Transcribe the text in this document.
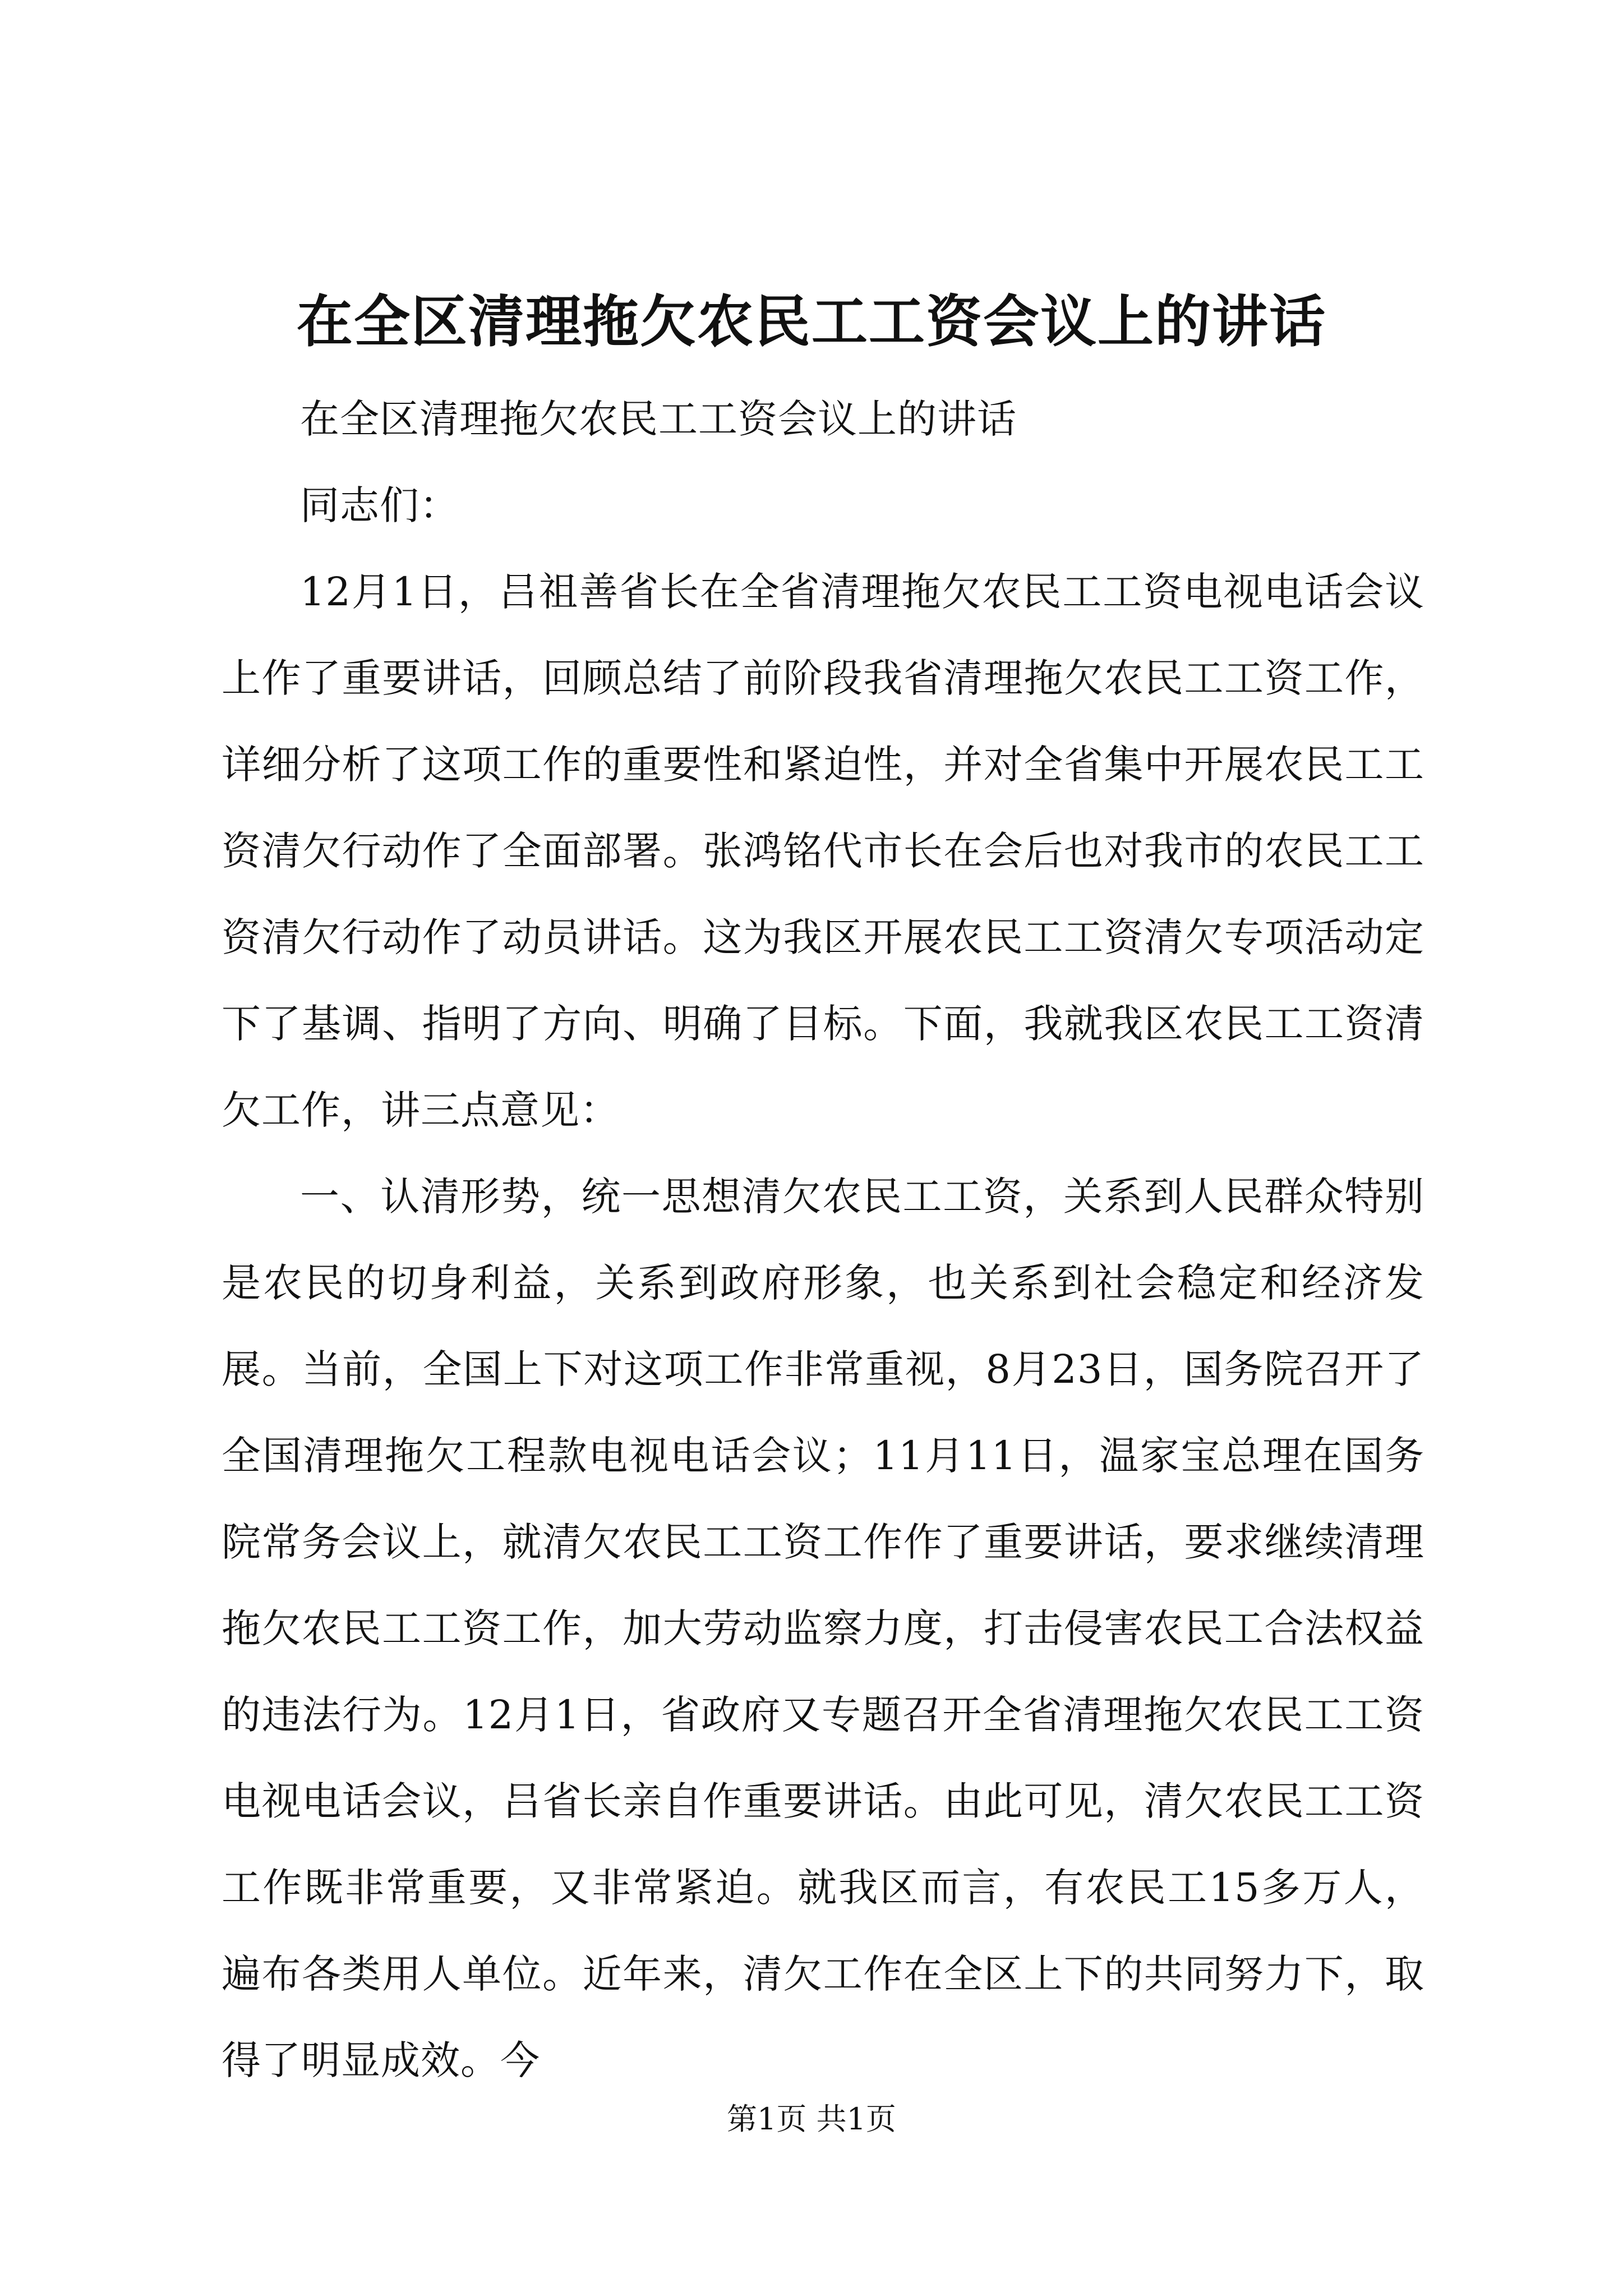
在全区清理拖欠农民工工资会议上的讲话

在全区清理拖欠农民工工资会议上的讲话

同志们：

12月1日，吕祖善省长在全省清理拖欠农民工工资电视电话会议上作了重要讲话，回顾总结了前阶段我省清理拖欠农民工工资工作，详细分析了这项工作的重要性和紧迫性，并对全省集中开展农民工工资清欠行动作了全面部署。张鸿铭代市长在会后也对我市的农民工工资清欠行动作了动员讲话。这为我区开展农民工工资清欠专项活动定下了基调、指明了方向、明确了目标。下面，我就我区农民工工资清欠工作，讲三点意见：

一、认清形势，统一思想清欠农民工工资，关系到人民群众特别是农民的切身利益，关系到政府形象，也关系到社会稳定和经济发展。当前，全国上下对这项工作非常重视，8月23日，国务院召开了全国清理拖欠工程款电视电话会议；11月11日，温家宝总理在国务院常务会议上，就清欠农民工工资工作作了重要讲话，要求继续清理拖欠农民工工资工作，加大劳动监察力度，打击侵害农民工合法权益的违法行为。12月1日，省政府又专题召开全省清理拖欠农民工工资电视电话会议，吕省长亲自作重要讲话。由此可见，清欠农民工工资工作既非常重要，又非常紧迫。就我区而言，有农民工15多万人，遍布各类用人单位。近年来，清欠工作在全区上下的共同努力下，取得了明显成效。今

第1页 共1页
